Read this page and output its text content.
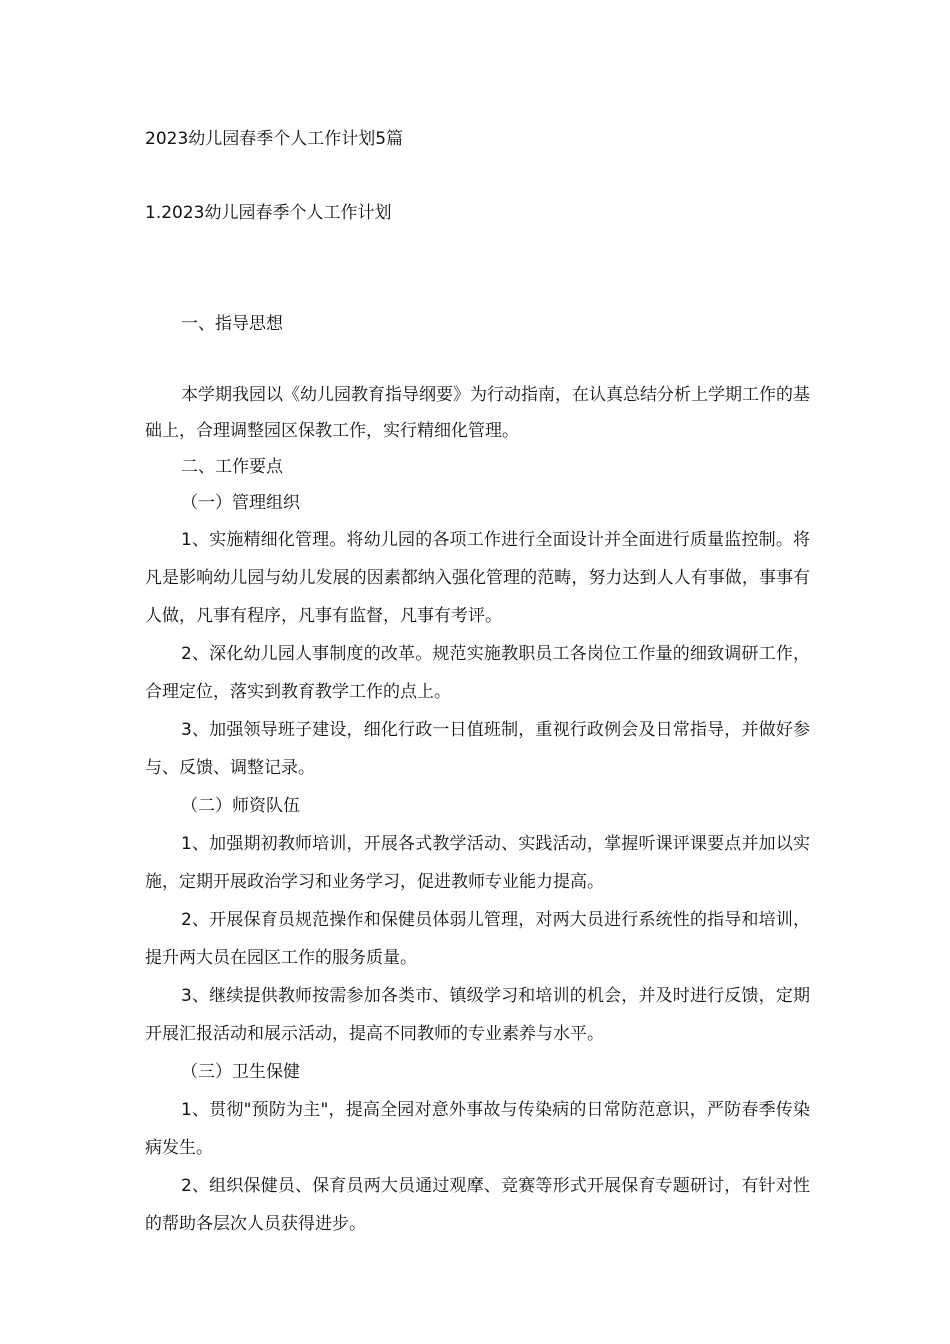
2023幼儿园春季个人工作计划5篇
1.2023幼儿园春季个人工作计划
一、指导思想

本学期我园以《幼儿园教育指导纲要》为行动指南，在认真总结分析上学期工作的基础上，合理调整园区保教工作，实行精细化管理。

二、工作要点

（一）管理组织

1、实施精细化管理。将幼儿园的各项工作进行全面设计并全面进行质量监控制。将凡是影响幼儿园与幼儿发展的因素都纳入强化管理的范畴，努力达到人人有事做，事事有人做，凡事有程序，凡事有监督，凡事有考评。

2、深化幼儿园人事制度的改革。规范实施教职员工各岗位工作量的细致调研工作，合理定位，落实到教育教学工作的点上。

3、加强领导班子建设，细化行政一日值班制，重视行政例会及日常指导，并做好参与、反馈、调整记录。

（二）师资队伍

1、加强期初教师培训，开展各式教学活动、实践活动，掌握听课评课要点并加以实施，定期开展政治学习和业务学习，促进教师专业能力提高。

2、开展保育员规范操作和保健员体弱儿管理，对两大员进行系统性的指导和培训，提升两大员在园区工作的服务质量。

3、继续提供教师按需参加各类市、镇级学习和培训的机会，并及时进行反馈，定期开展汇报活动和展示活动，提高不同教师的专业素养与水平。

（三）卫生保健

1、贯彻"预防为主"，提高全园对意外事故与传染病的日常防范意识，严防春季传染病发生。

2、组织保健员、保育员两大员通过观摩、竞赛等形式开展保育专题研讨，有针对性的帮助各层次人员获得进步。
